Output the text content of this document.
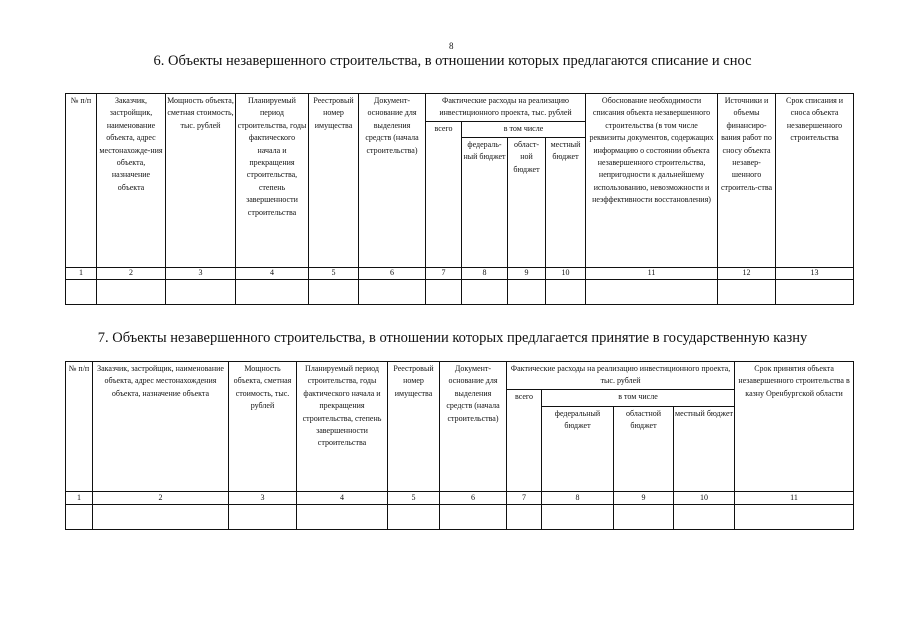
8
6. Объекты незавершенного строительства, в отношении которых предлагаются списание и снос
№ п/п	Заказчик, застройщик, наименование объекта, адрес местонахожде-ния объекта, назначение объекта	Мощность объекта, сметная стоимость, тыс. рублей	Планируемый период строительства, годы фактического начала и прекращения строительства, степень завершенности строительства	Реестровый номер имущества	Документ-основание для выделения средств (начала строительства)	Фактические расходы на реализацию инвестиционного проекта, тыс. рублей				Обоснование необходимости списания объекта незавершенного строительства (в том числе реквизиты документов, содержащих информацию о состоянии объекта незавершенного строительства, непригодности к дальнейшему использованию, невозможности и неэффективности восстановления)	Источники и объемы финансиро-вания работ по сносу объекта незавер-шенного строитель-ства	Срок списания и сноса объекта незавершенного строительства
						всего	в том числе					
							федераль-ный бюджет	област-ной бюджет	местный бюджет			
1	2	3	4	5	6	7	8	9	10	11	12	13

7. Объекты незавершенного строительства, в отношении которых предлагается принятие в государственную казну
№ п/п	Заказчик, застройщик, наименование объекта, адрес местонахождения объекта, назначение объекта	Мощность объекта, сметная стоимость, тыс. рублей	Планируемый период строительства, годы фактического начала и прекращения строительства, степень завершенности строительства	Реестровый номер имущества	Документ-основание для выделения средств (начала строительства)	Фактические расходы на реализацию инвестиционного проекта, тыс. рублей				Срок принятия объекта незавершенного строительства в казну Оренбургской области
						всего	в том числе			
							федеральный бюджет	областной бюджет	местный бюджет	
1	2	3	4	5	6	7	8	9	10	11
